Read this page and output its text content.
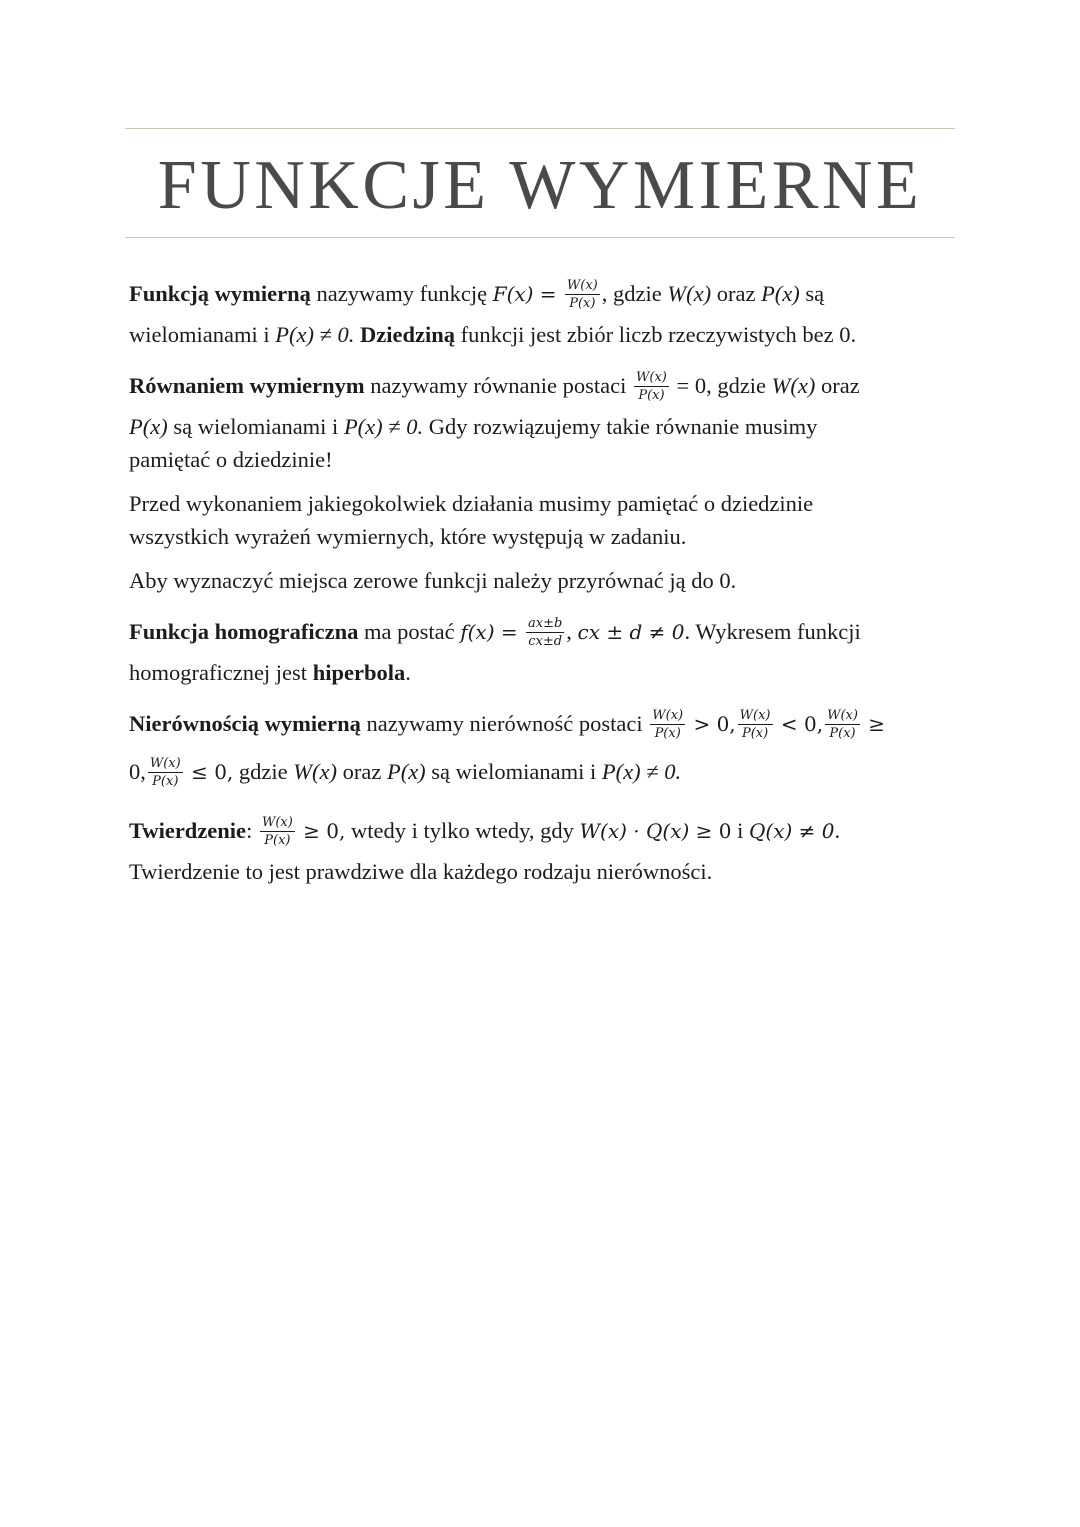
FUNKCJE WYMIERNE
Funkcją wymierną nazywamy funkcję $F(x) = \frac{W(x)}{P(x)}$ , gdzie W(x) oraz P(x) są
wielomianami i P(x) ≠ 0. Dziedziną funkcji jest zbiór liczb rzeczywistych bez 0.
Równaniem wymiernym nazywamy równanie postaci $\frac{W(x)}{P(x)} = 0$, gdzie W(x) oraz
P(x) są wielomianami i P(x) ≠ 0. Gdy rozwiązujemy takie równanie musimy
pamiętać o dziedzinie!
Przed wykonaniem jakiegokolwiek działania musimy pamiętać o dziedzinie
wszystkich wyrażeń wymiernych, które występują w zadaniu.
Aby wyznaczyć miejsca zerowe funkcji należy przyrównać ją do 0.
Funkcja homograficzna ma postać $f(x) = \frac{ax\pm b}{cx\pm d}$ , cx ± d ≠ 0. Wykresem funkcji
homograficznej jest hiperbola.
Nierównością wymierną nazywamy nierówność postaci $\frac{W(x)}{P(x)} > 0$, $\frac{W(x)}{P(x)} < 0$, $\frac{W(x)}{P(x)}$ ≥
0, $\frac{W(x)}{P(x)} \le 0$, gdzie W(x) oraz P(x) są wielomianami i P(x) ≠ 0.
Twierdzenie: $\frac{W(x)}{P(x)} \ge 0$, wtedy i tylko wtedy, gdy W(x) · Q(x) ≥ 0 i Q(x) ≠ 0.
Twierdzenie to jest prawdziwe dla każdego rodzaju nierówności.
